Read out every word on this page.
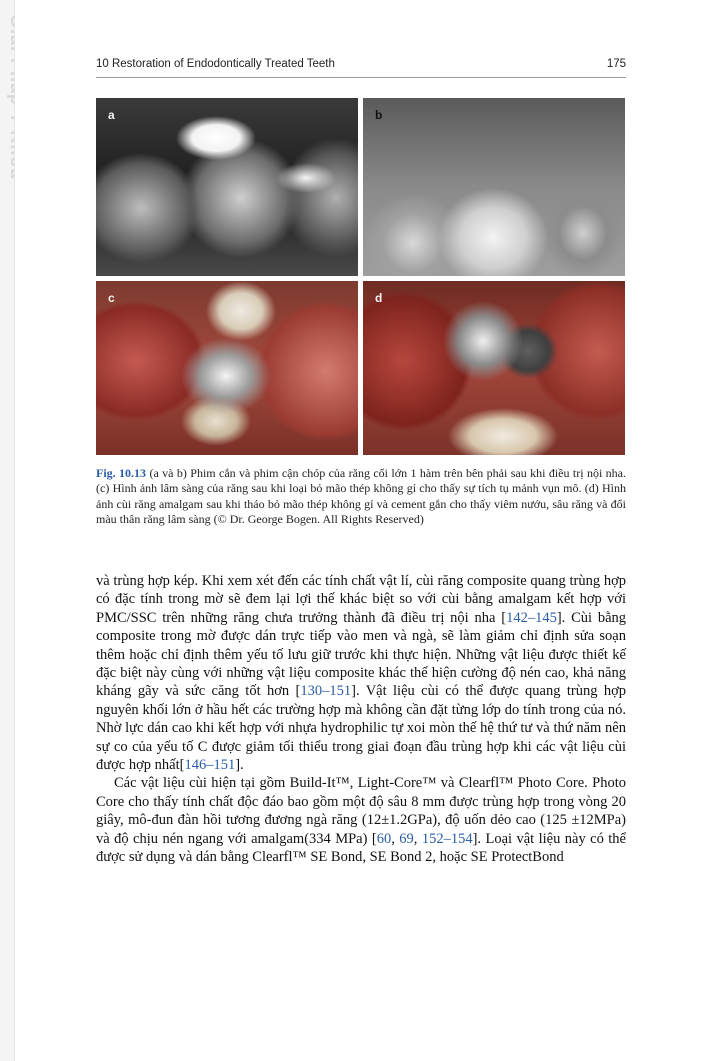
10 Restoration of Endodontically Treated Teeth	175
a	b
c	d
Fig. 10.13 (a và b) Phim cắn và phim cận chóp của răng cối lớn 1 hàm trên bên phải sau khi điều trị nội nha. (c) Hình ảnh lâm sàng của răng sau khi loại bỏ mão thép không gỉ cho thấy sự tích tụ mảnh vụn mô. (d) Hình ảnh cùi răng amalgam sau khi tháo bỏ mão thép không gỉ và cement gắn cho thấy viêm nướu, sâu răng và đổi màu thân răng lâm sàng (© Dr. George Bogen. All Rights Reserved)

và trùng hợp kép. Khi xem xét đến các tính chất vật lí, cùi răng composite quang trùng hợp có đặc tính trong mờ sẽ đem lại lợi thế khác biệt so với cùi bằng amalgam kết hợp với PMC/SSC trên những răng chưa trưởng thành đã điều trị nội nha [142–145]. Cùi bằng composite trong mờ được dán trực tiếp vào men và ngà, sẽ làm giảm chỉ định sửa soạn thêm hoặc chỉ định thêm yếu tố lưu giữ trước khi thực hiện. Những vật liệu được thiết kế đặc biệt này cùng với những vật liệu composite khác thể hiện cường độ nén cao, khả năng kháng gãy và sức căng tốt hơn [130–151]. Vật liệu cùi có thể được quang trùng hợp nguyên khối lớn ở hầu hết các trường hợp mà không cần đặt từng lớp do tính trong của nó. Nhờ lực dán cao khi kết hợp với nhựa hydrophilic tự xoi mòn thế hệ thứ tư và thứ năm nên sự co của yếu tố C được giảm tối thiểu trong giai đoạn đầu trùng hợp khi các vật liệu cùi được hợp nhất[146–151].

Các vật liệu cùi hiện tại gồm Build-It™, Light-Core™ và Clearfl™ Photo Core. Photo Core cho thấy tính chất độc đáo bao gồm một độ sâu 8 mm được trùng hợp trong vòng 20 giây, mô-đun đàn hồi tương đương ngà răng (12±1.2GPa), độ uốn dẻo cao (125 ±12MPa) và độ chịu nén ngang với amalgam(334 MPa) [60, 69, 152–154]. Loại vật liệu này có thể được sử dụng và dán bằng Clearfl™ SE Bond, SE Bond 2, hoặc SE ProtectBond
